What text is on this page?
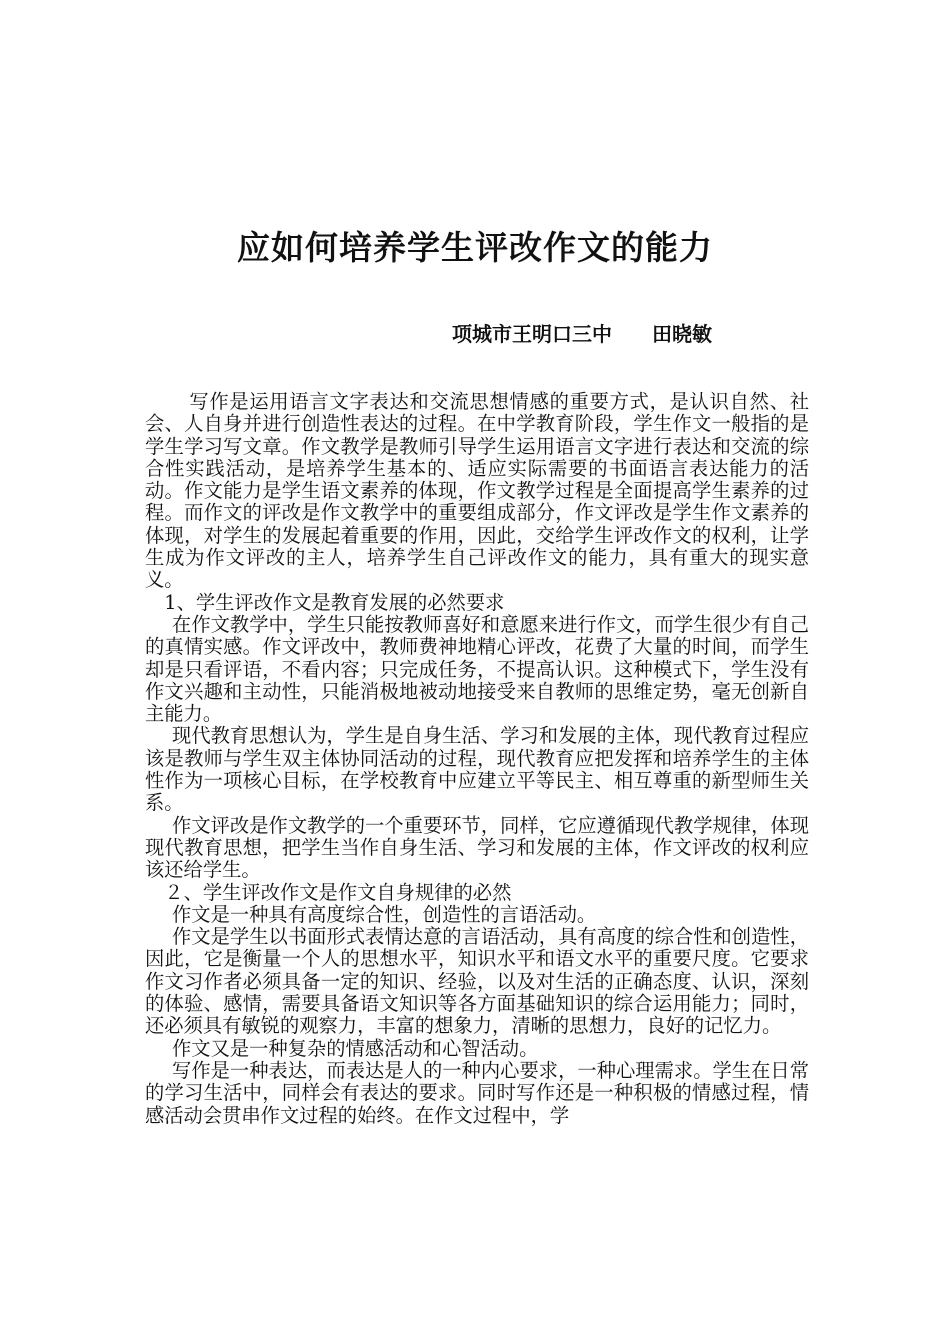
应如何培养学生评改作文的能力
项城市王明口三中 田晓敏

写作是运用语言文字表达和交流思想情感的重要方式，是认识自然、社会、人自身并进行创造性表达的过程。在中学教育阶段，学生作文一般指的是学生学习写文章。作文教学是教师引导学生运用语言文字进行表达和交流的综合性实践活动，是培养学生基本的、适应实际需要的书面语言表达能力的活动。作文能力是学生语文素养的体现，作文教学过程是全面提高学生素养的过程。而作文的评改是作文教学中的重要组成部分，作文评改是学生作文素养的体现，对学生的发展起着重要的作用，因此，交给学生评改作文的权利，让学生成为作文评改的主人，培养学生自己评改作文的能力，具有重大的现实意义。

1、学生评改作文是教育发展的必然要求

在作文教学中，学生只能按教师喜好和意愿来进行作文，而学生很少有自己的真情实感。作文评改中，教师费神地精心评改，花费了大量的时间，而学生却是只看评语，不看内容；只完成任务，不提高认识。这种模式下，学生没有作文兴趣和主动性，只能消极地被动地接受来自教师的思维定势，毫无创新自主能力。

现代教育思想认为，学生是自身生活、学习和发展的主体，现代教育过程应该是教师与学生双主体协同活动的过程，现代教育应把发挥和培养学生的主体性作为一项核心目标，在学校教育中应建立平等民主、相互尊重的新型师生关系。

作文评改是作文教学的一个重要环节，同样，它应遵循现代教学规律，体现现代教育思想，把学生当作自身生活、学习和发展的主体，作文评改的权利应该还给学生。

２、学生评改作文是作文自身规律的必然

作文是一种具有高度综合性，创造性的言语活动。

作文是学生以书面形式表情达意的言语活动，具有高度的综合性和创造性，因此，它是衡量一个人的思想水平，知识水平和语文水平的重要尺度。它要求作文习作者必须具备一定的知识、经验，以及对生活的正确态度、认识，深刻的体验、感情，需要具备语文知识等各方面基础知识的综合运用能力；同时，还必须具有敏锐的观察力，丰富的想象力，清晰的思想力，良好的记忆力。

作文又是一种复杂的情感活动和心智活动。

写作是一种表达，而表达是人的一种内心要求，一种心理需求。学生在日常的学习生活中，同样会有表达的要求。同时写作还是一种积极的情感过程，情感活动会贯串作文过程的始终。在作文过程中，学
